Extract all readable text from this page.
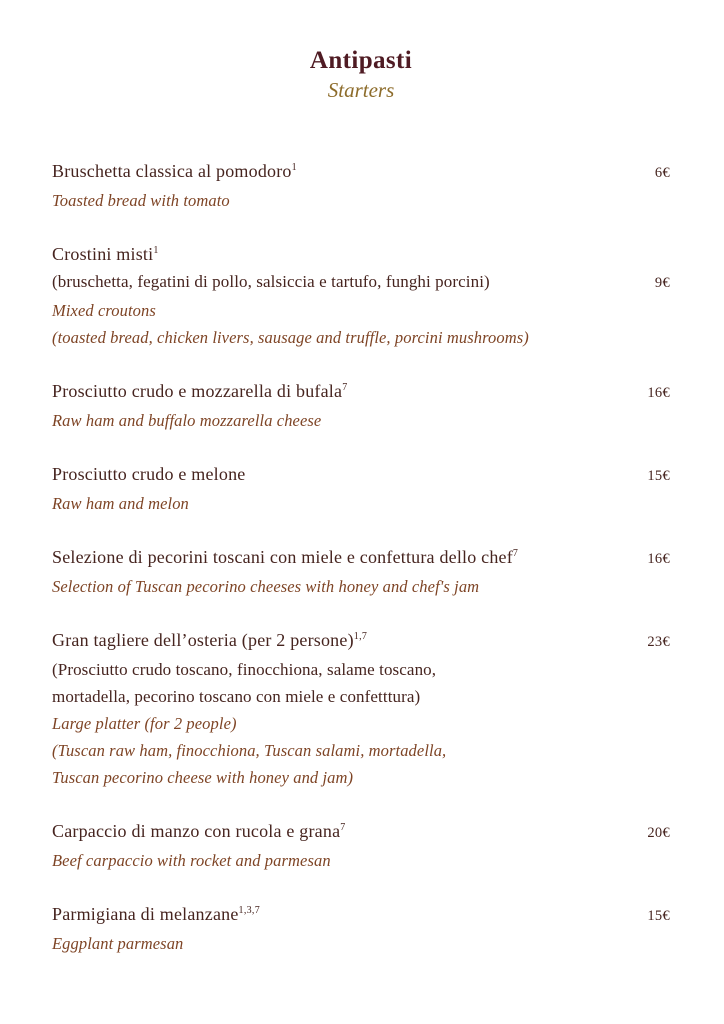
Antipasti
Starters
Bruschetta classica al pomodoro$^1$	6€
Toasted bread with tomato
Crostini misti$^1$
(bruschetta, fegatini di pollo, salsiccia e tartufo, funghi porcini)	9€
Mixed croutons
(toasted bread, chicken livers, sausage and truffle, porcini mushrooms)
Prosciutto crudo e mozzarella di bufala$^7$	16€
Raw ham and buffalo mozzarella cheese
Prosciutto crudo e melone	15€
Raw ham and melon
Selezione di pecorini toscani con miele e confettura dello chef$^7$	16€
Selection of Tuscan pecorino cheeses with honey and chef's jam
Gran tagliere dell’osteria (per 2 persone)$^{1,7}$	23€
(Prosciutto crudo toscano, finocchiona, salame toscano,
mortadella, pecorino toscano con miele e confetttura)
Large platter (for 2 people)
(Tuscan raw ham, finocchiona, Tuscan salami, mortadella,
Tuscan pecorino cheese with honey and jam)
Carpaccio di manzo con rucola e grana$^7$	20€
Beef carpaccio with rocket and parmesan
Parmigiana di melanzane$^{1,3,7}$	15€
Eggplant parmesan
